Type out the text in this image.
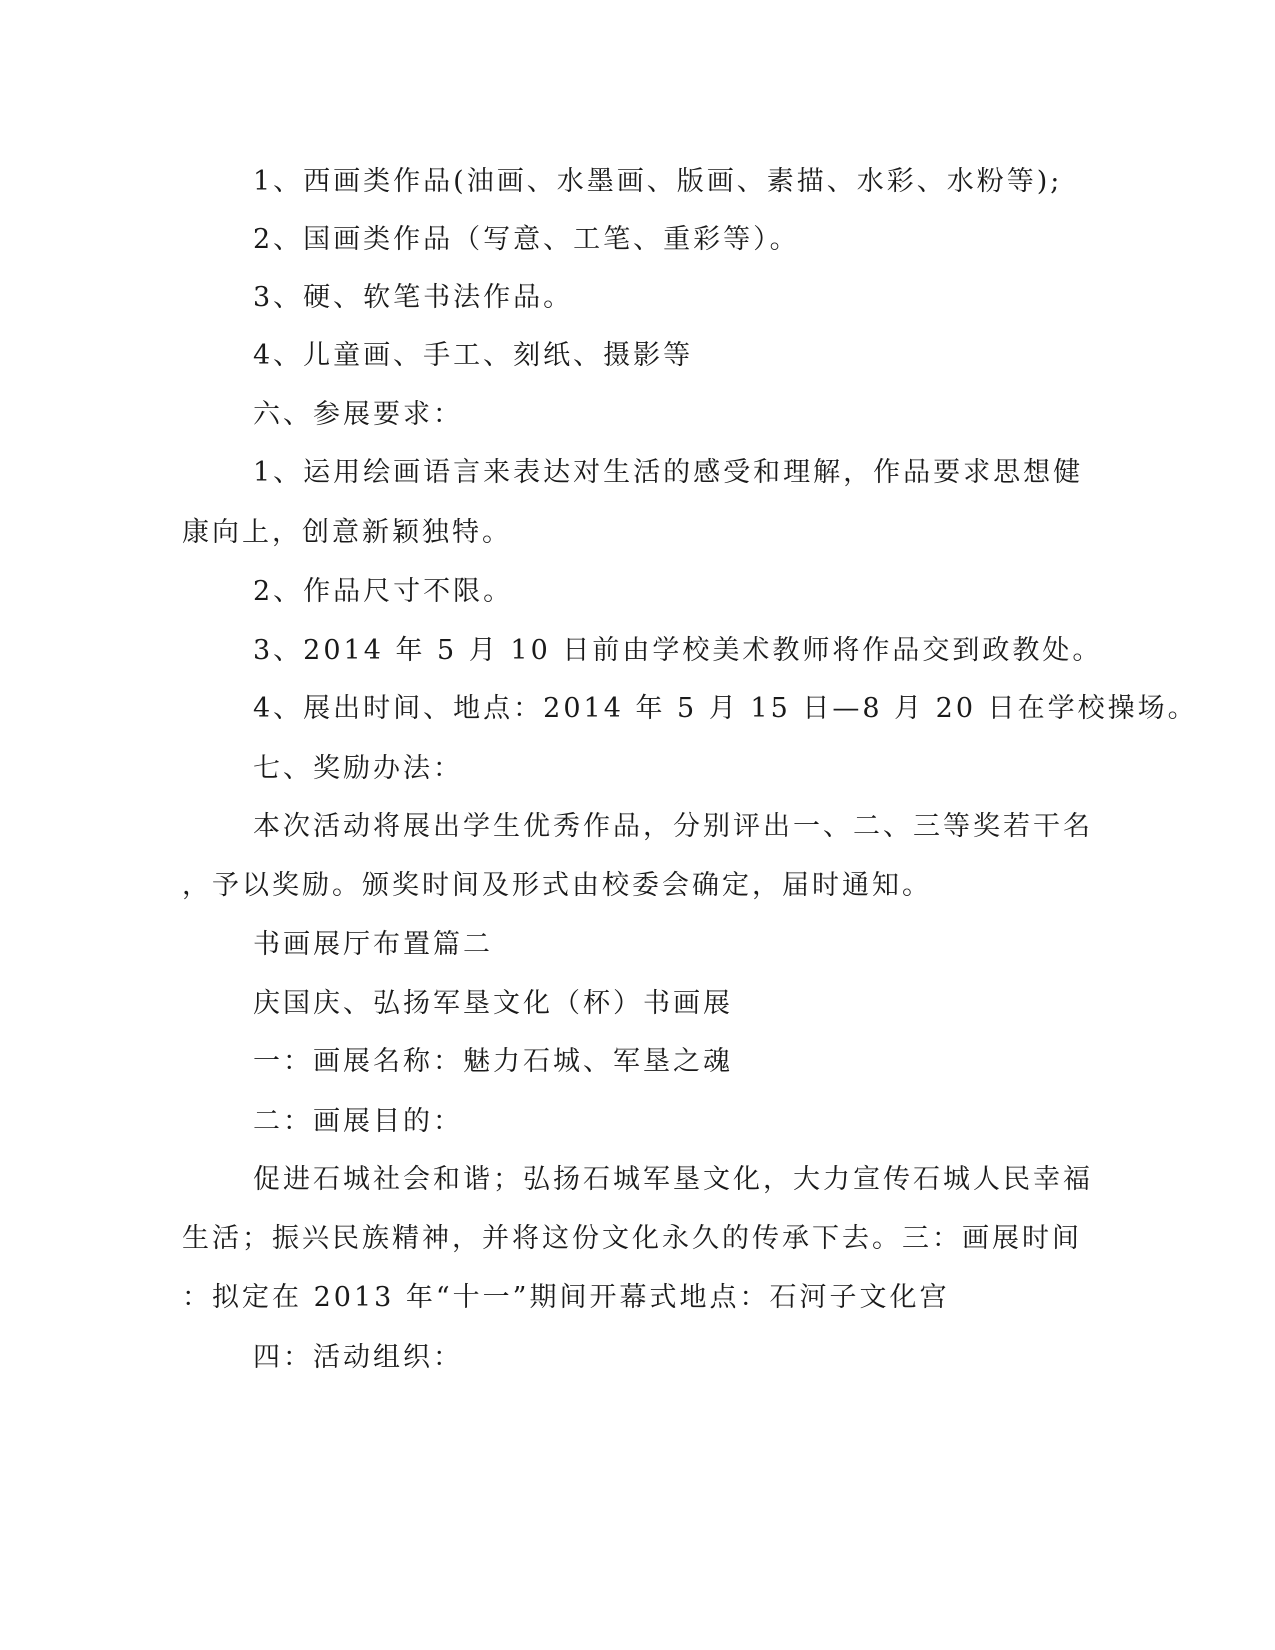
1、西画类作品(油画、水墨画、版画、素描、水彩、水粉等);
2、国画类作品（写意、工笔、重彩等）。
3、硬、软笔书法作品。
4、儿童画、手工、刻纸、摄影等
六、参展要求：
1、运用绘画语言来表达对生活的感受和理解，作品要求思想健
康向上，创意新颖独特。
2、作品尺寸不限。
3、2014 年 5 月 10 日前由学校美术教师将作品交到政教处。
4、展出时间、地点：2014 年 5 月 15 日—8 月 20 日在学校操场。
七、奖励办法：
本次活动将展出学生优秀作品，分别评出一、二、三等奖若干名
，予以奖励。颁奖时间及形式由校委会确定，届时通知。
书画展厅布置篇二
庆国庆、弘扬军垦文化（杯）书画展
一：画展名称：魅力石城、军垦之魂
二：画展目的：
促进石城社会和谐；弘扬石城军垦文化，大力宣传石城人民幸福
生活；振兴民族精神，并将这份文化永久的传承下去。三：画展时间
：拟定在 2013 年“十一”期间开幕式地点：石河子文化宫
四：活动组织：
